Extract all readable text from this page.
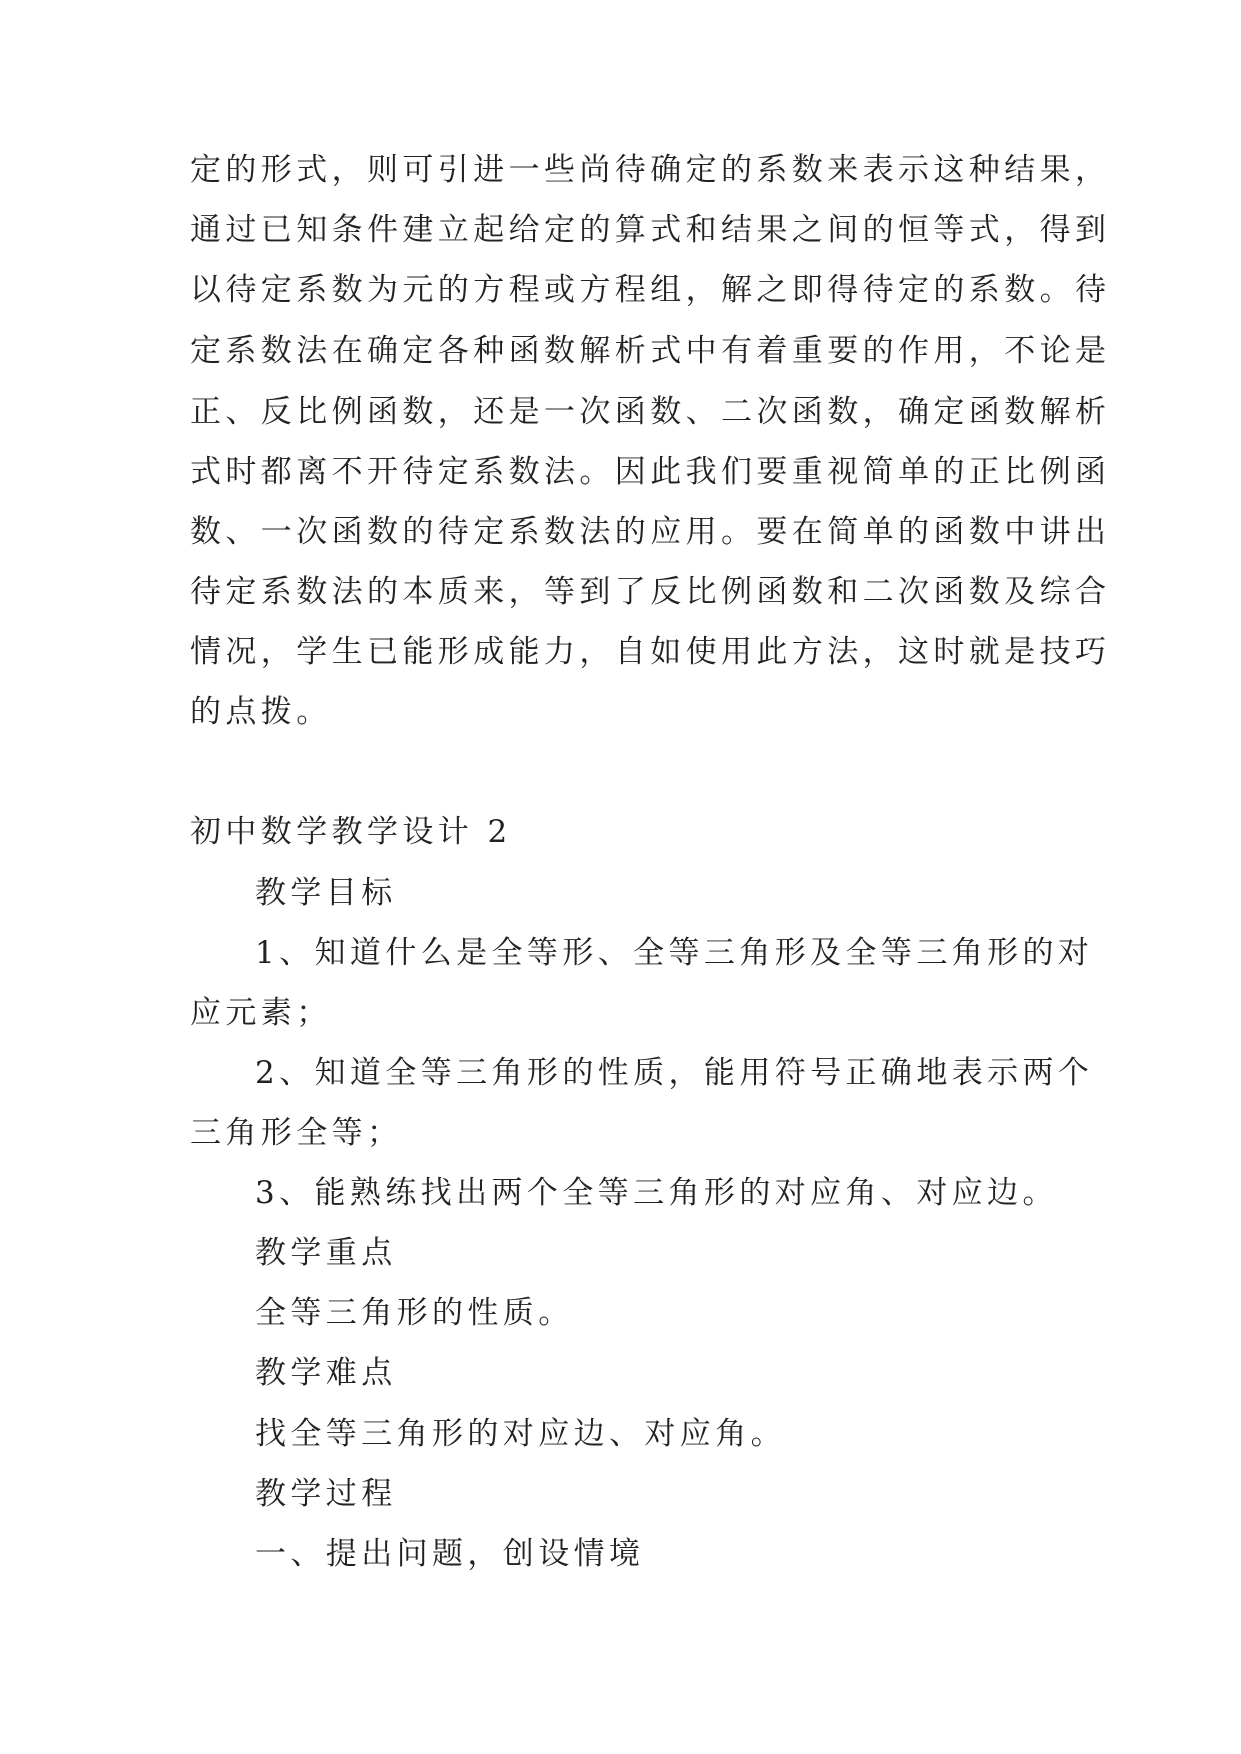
定的形式，则可引进一些尚待确定的系数来表示这种结果，
通过已知条件建立起给定的算式和结果之间的恒等式，得到
以待定系数为元的方程或方程组，解之即得待定的系数。待
定系数法在确定各种函数解析式中有着重要的作用，不论是
正、反比例函数，还是一次函数、二次函数，确定函数解析
式时都离不开待定系数法。因此我们要重视简单的正比例函
数、一次函数的待定系数法的应用。要在简单的函数中讲出
待定系数法的本质来，等到了反比例函数和二次函数及综合
情况，学生已能形成能力，自如使用此方法，这时就是技巧
的点拨。
初中数学教学设计 2
教学目标
1、知道什么是全等形、全等三角形及全等三角形的对
应元素；
2、知道全等三角形的性质，能用符号正确地表示两个
三角形全等；
3、能熟练找出两个全等三角形的对应角、对应边。
教学重点
全等三角形的性质。
教学难点
找全等三角形的对应边、对应角。
教学过程
一、提出问题，创设情境
